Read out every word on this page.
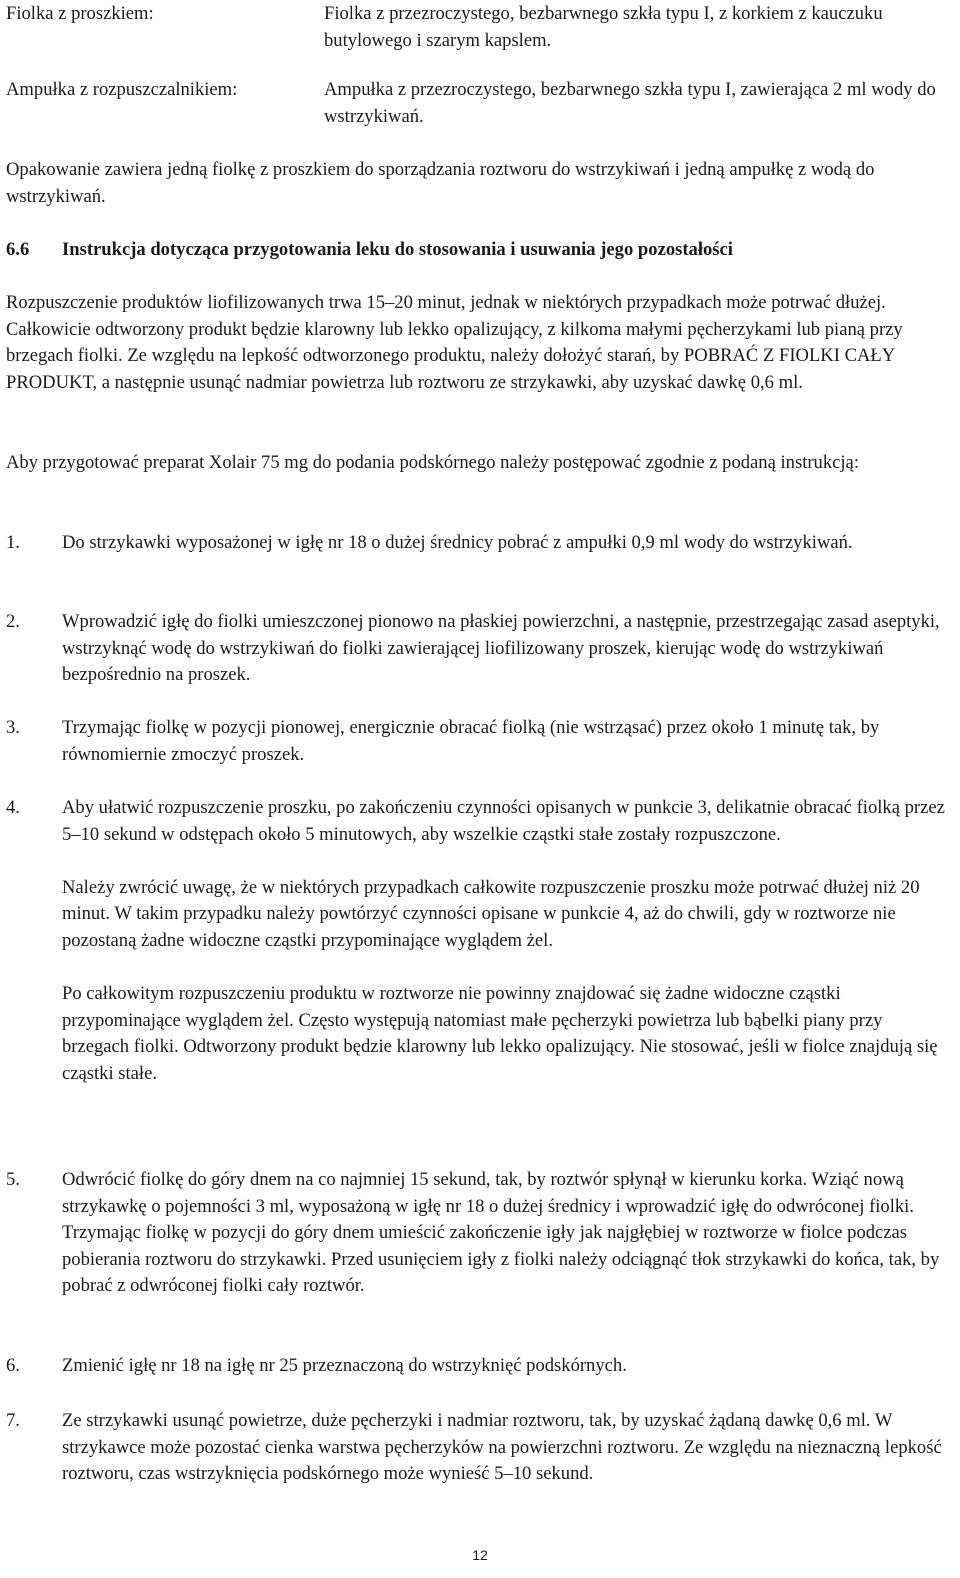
Fiolka z proszkiem:	Fiolka z przezroczystego, bezbarwnego szkła typu I, z korkiem z kauczuku butylowego i szarym kapslem.
Ampułka z rozpuszczalnikiem:	Ampułka z przezroczystego, bezbarwnego szkła typu I, zawierająca 2 ml wody do wstrzykiwań.

Opakowanie zawiera jedną fiolkę z proszkiem do sporządzania roztworu do wstrzykiwań i jedną ampułkę z wodą do wstrzykiwań.

6.6	Instrukcja dotycząca przygotowania leku do stosowania i usuwania jego pozostałości

Rozpuszczenie produktów liofilizowanych trwa 15–20 minut, jednak w niektórych przypadkach może potrwać dłużej. Całkowicie odtworzony produkt będzie klarowny lub lekko opalizujący, z kilkoma małymi pęcherzykami lub pianą przy brzegach fiolki. Ze względu na lepkość odtworzonego produktu, należy dołożyć starań, by POBRAĆ Z FIOLKI CAŁY PRODUKT, a następnie usunąć nadmiar powietrza lub roztworu ze strzykawki, aby uzyskać dawkę 0,6 ml.

Aby przygotować preparat Xolair 75 mg do podania podskórnego należy postępować zgodnie z podaną instrukcją:

1.	Do strzykawki wyposażonej w igłę nr 18 o dużej średnicy pobrać z ampułki 0,9 ml wody do wstrzykiwań.

2.	Wprowadzić igłę do fiolki umieszczonej pionowo na płaskiej powierzchni, a następnie, przestrzegając zasad aseptyki, wstrzyknąć wodę do wstrzykiwań do fiolki zawierającej liofilizowany proszek, kierując wodę do wstrzykiwań bezpośrednio na proszek.

3.	Trzymając fiolkę w pozycji pionowej, energicznie obracać fiolką (nie wstrząsać) przez około 1 minutę tak, by równomiernie zmoczyć proszek.

4.	Aby ułatwić rozpuszczenie proszku, po zakończeniu czynności opisanych w punkcie 3, delikatnie obracać fiolką przez 5–10 sekund w odstępach około 5 minutowych, aby wszelkie cząstki stałe zostały rozpuszczone.

Należy zwrócić uwagę, że w niektórych przypadkach całkowite rozpuszczenie proszku może potrwać dłużej niż 20 minut. W takim przypadku należy powtórzyć czynności opisane w punkcie 4, aż do chwili, gdy w roztworze nie pozostaną żadne widoczne cząstki przypominające wyglądem żel.

Po całkowitym rozpuszczeniu produktu w roztworze nie powinny znajdować się żadne widoczne cząstki przypominające wyglądem żel. Często występują natomiast małe pęcherzyki powietrza lub bąbelki piany przy brzegach fiolki. Odtworzony produkt będzie klarowny lub lekko opalizujący. Nie stosować, jeśli w fiolce znajdują się cząstki stałe.

5.	Odwrócić fiolkę do góry dnem na co najmniej 15 sekund, tak, by roztwór spłynął w kierunku korka. Wziąć nową strzykawkę o pojemności 3 ml, wyposażoną w igłę nr 18 o dużej średnicy i wprowadzić igłę do odwróconej fiolki. Trzymając fiolkę w pozycji do góry dnem umieścić zakończenie igły jak najgłębiej w roztworze w fiolce podczas pobierania roztworu do strzykawki. Przed usunięciem igły z fiolki należy odciągnąć tłok strzykawki do końca, tak, by pobrać z odwróconej fiolki cały roztwór.

6.	Zmienić igłę nr 18 na igłę nr 25 przeznaczoną do wstrzyknięć podskórnych.

7.	Ze strzykawki usunąć powietrze, duże pęcherzyki i nadmiar roztworu, tak, by uzyskać żądaną dawkę 0,6 ml. W strzykawce może pozostać cienka warstwa pęcherzyków na powierzchni roztworu. Ze względu na nieznaczną lepkość roztworu, czas wstrzyknięcia podskórnego może wynieść 5–10 sekund.

12
